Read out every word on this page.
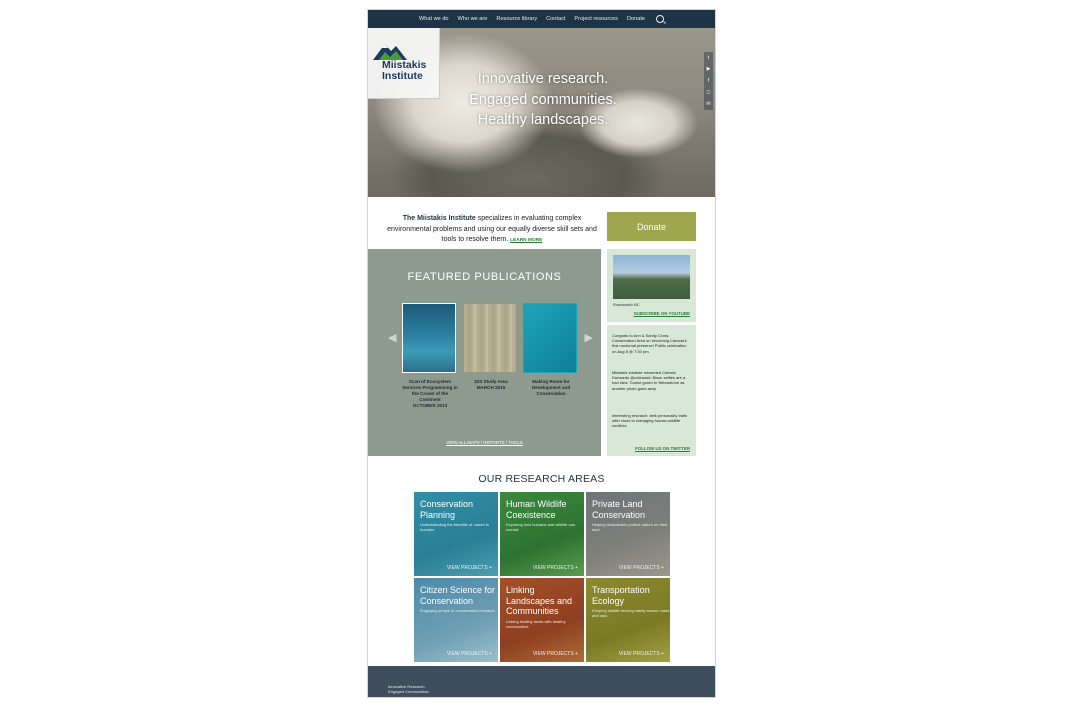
What we do Who we are Resource library Contact Project resources Donate
Miistakis
Institute	Innovative research.
Engaged communities.
Healthy landscapes.
t
▶
f
◻
✉
The Miistakis Institute specializes in evaluating complex environmental problems and using our equally diverse skill sets and tools to resolve them. LEARN MORE
Donate
FEATURED PUBLICATIONS
◀	▶
Scan of Ecosystem Services Programming in the Crown of the Continent
OCTOBER 2013
GIS Study Area
MARCH 2015
Making Room for Development and Conservation
VIEW ALL MAPS / REPORTS / TOOLS
Roadwatch BC
SUBSCRIBE ON YOUTUBE
Congrats to Ann & Sandy Cross Conservation Area on becoming Canada's first nocturnal preserve! Public celebration on Aug 8 @ 7:30 pm.
Miistakis Institute retweeted Celeste Dorwards @celeward: Bison selfies are a bad idea: Tourist gored in Yellowstone as another photo goes awry
Interesting research: #elk personality traits offer clues to managing human-wildlife conflicts
FOLLOW US ON TWITTER
OUR RESEARCH AREAS
Conservation Planning
Understanding the benefits of nature to humans
VIEW PROJECTS +
Human Wildlife Coexistence
Exploring how humans and wildlife can coexist
VIEW PROJECTS +
Private Land Conservation
Helping landowners protect nature on their land
VIEW PROJECTS +
Citizen Science for Conservation
Engaging people in conservation research
VIEW PROJECTS +
Linking Landscapes and Communities
Linking healthy lands with healthy communities
VIEW PROJECTS +
Transportation Ecology
Keeping wildlife moving safely across roads and rails
VIEW PROJECTS +
Innovative Research.
Engaged Communities.
